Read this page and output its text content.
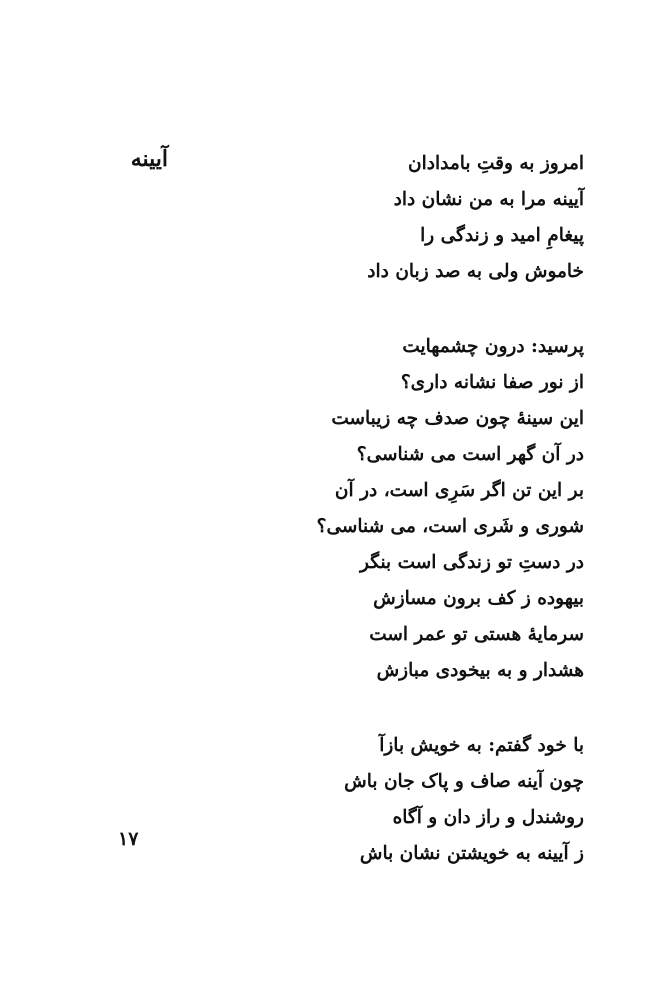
آیینه	امروز به وقتِ بامدادان
آیینه مرا به من نشان داد
پیغامِ امید و زندگی را
خاموش ولی به صد زبان داد
پرسید: درون چشمهایت
از نور صفا نشانه داری؟
این سینهٔ چون صدف چه زیباست
در آن گهر است می شناسی؟
بر این تن اگر سَرِی است، در آن
شوری و شَری است، می شناسی؟
در دستِ تو زندگی است بنگر
بیهوده ز کف برون مسازش
سرمایهٔ هستی تو عمر است
هشدار و به بیخودی مبازش
با خود گفتم: به خویش بازآ
چون آینه صاف و پاک جان باش
روشندل و راز دان و آگاه
ز آیینه به خویشتن نشان باش
۱۷
